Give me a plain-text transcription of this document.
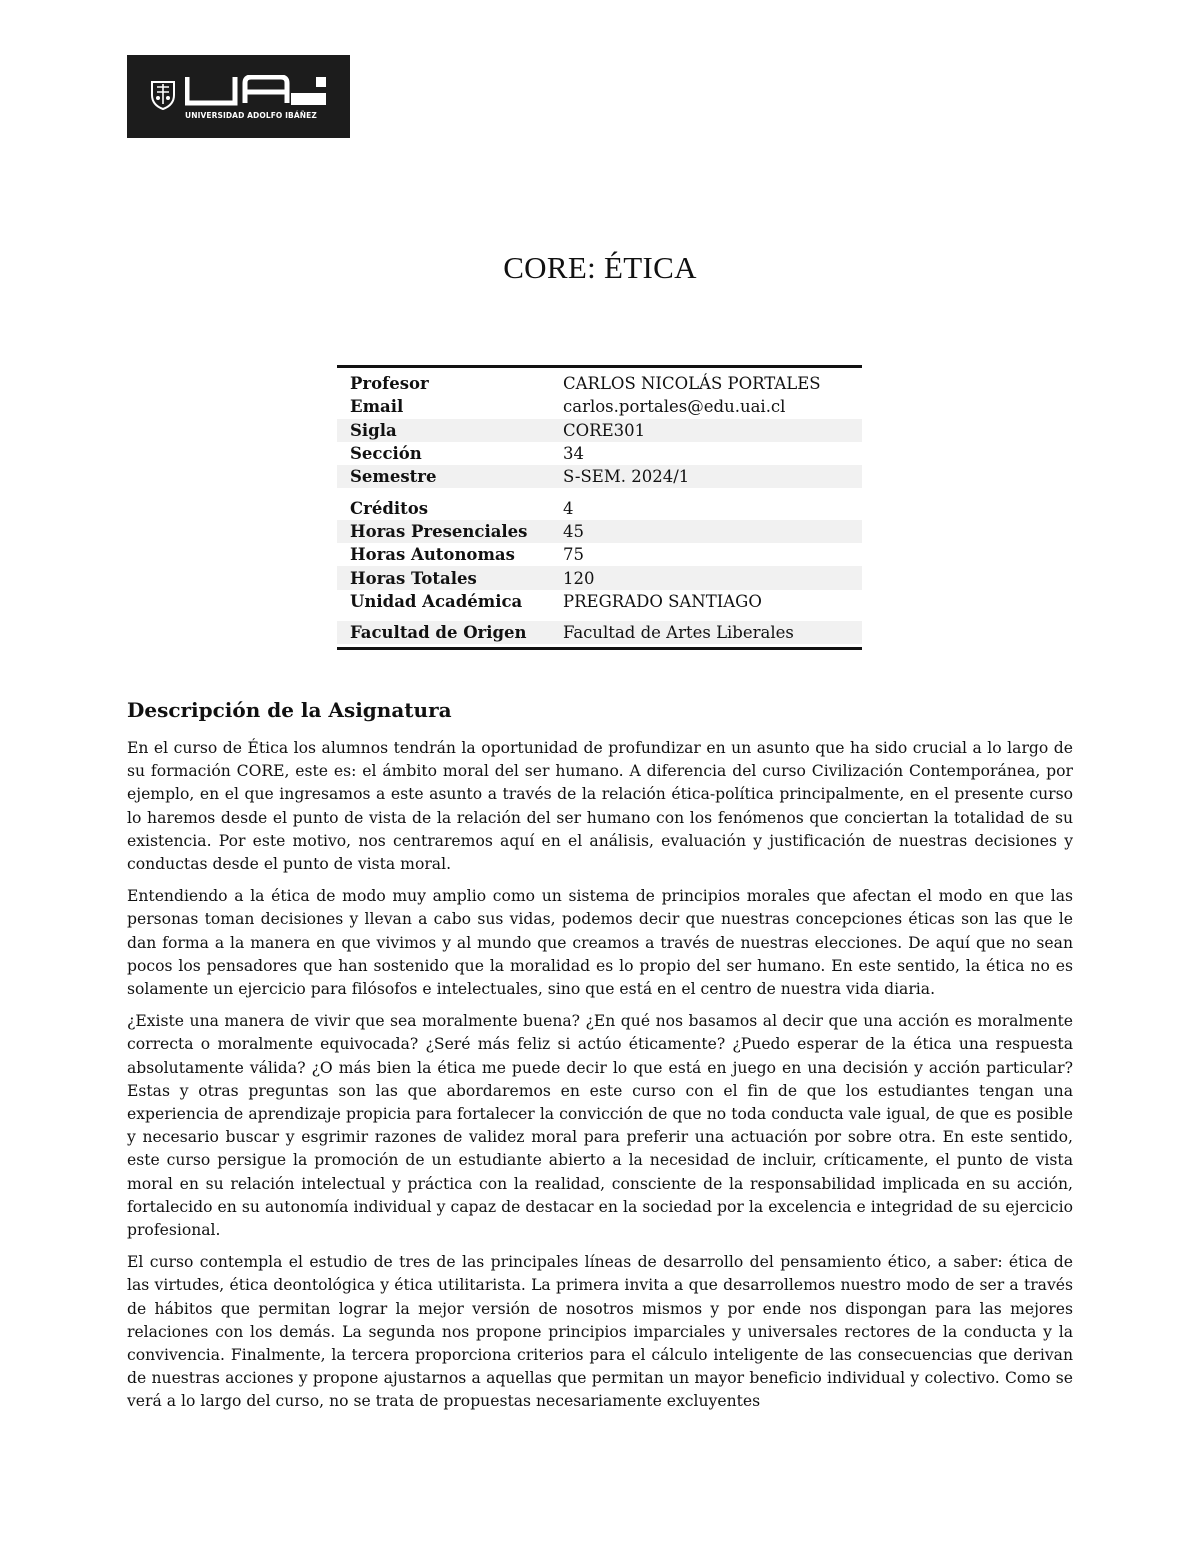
UNIVERSIDAD ADOLFO IBÁÑEZ
CORE: ÉTICA
Profesor	CARLOS NICOLÁS PORTALES
Email	carlos.portales@edu.uai.cl
Sigla	CORE301
Sección	34
Semestre	S-SEM. 2024/1
Créditos	4
Horas Presenciales	45
Horas Autonomas	75
Horas Totales	120
Unidad Académica	PREGRADO SANTIAGO
Facultad de Origen	Facultad de Artes Liberales
Descripción de la Asignatura

En el curso de Ética los alumnos tendrán la oportunidad de profundizar en un asunto que ha sido crucial a lo largo de su formación CORE, este es: el ámbito moral del ser humano. A diferencia del curso Civilización Contemporánea, por ejemplo, en el que ingresamos a este asunto a través de la relación ética-política principalmente, en el presente curso lo haremos desde el punto de vista de la relación del ser humano con los fenómenos que conciertan la totalidad de su existencia. Por este motivo, nos centraremos aquí en el análisis, evaluación y justificación de nuestras decisiones y conductas desde el punto de vista moral.

Entendiendo a la ética de modo muy amplio como un sistema de principios morales que afectan el modo en que las personas toman decisiones y llevan a cabo sus vidas, podemos decir que nuestras concepciones éticas son las que le dan forma a la manera en que vivimos y al mundo que creamos a través de nuestras elecciones. De aquí que no sean pocos los pensadores que han sostenido que la moralidad es lo propio del ser humano. En este sentido, la ética no es solamente un ejercicio para filósofos e intelectuales, sino que está en el centro de nuestra vida diaria.

¿Existe una manera de vivir que sea moralmente buena? ¿En qué nos basamos al decir que una acción es moralmente correcta o moralmente equivocada? ¿Seré más feliz si actúo éticamente? ¿Puedo esperar de la ética una respuesta absolutamente válida? ¿O más bien la ética me puede decir lo que está en juego en una decisión y acción particular? Estas y otras preguntas son las que abordaremos en este curso con el fin de que los estudiantes tengan una experiencia de aprendizaje propicia para fortalecer la convicción de que no toda conducta vale igual, de que es posible y necesario buscar y esgrimir razones de validez moral para preferir una actuación por sobre otra. En este sentido, este curso persigue la promoción de un estudiante abierto a la necesidad de incluir, críticamente, el punto de vista moral en su relación intelectual y práctica con la realidad, consciente de la responsabilidad implicada en su acción, fortalecido en su autonomía individual y capaz de destacar en la sociedad por la excelencia e integridad de su ejercicio profesional.

El curso contempla el estudio de tres de las principales líneas de desarrollo del pensamiento ético, a saber: ética de las virtudes, ética deontológica y ética utilitarista. La primera invita a que desarrollemos nuestro modo de ser a través de hábitos que permitan lograr la mejor versión de nosotros mismos y por ende nos dispongan para las mejores relaciones con los demás. La segunda nos propone principios imparciales y universales rectores de la conducta y la convivencia. Finalmente, la tercera proporciona criterios para el cálculo inteligente de las consecuencias que derivan de nuestras acciones y propone ajustarnos a aquellas que permitan un mayor beneficio individual y colectivo. Como se verá a lo largo del curso, no se trata de propuestas necesariamente excluyentes
